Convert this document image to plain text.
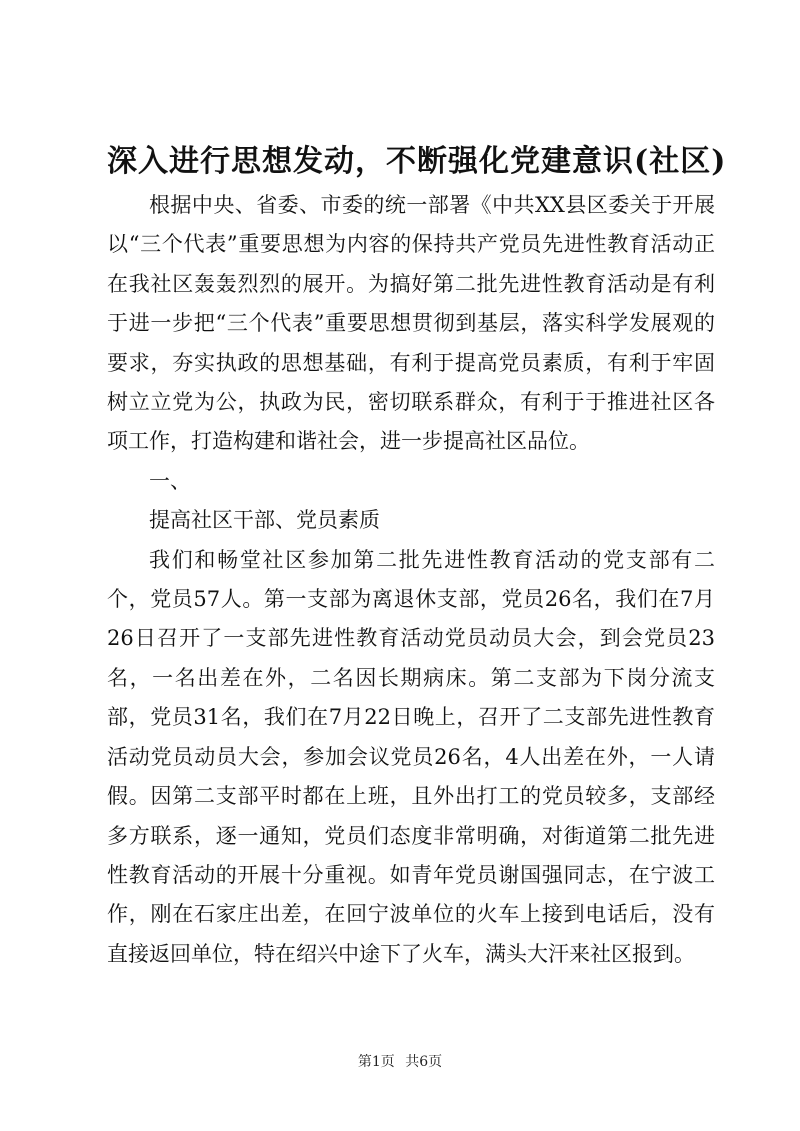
深入进行思想发动，不断强化党建意识(社区)

根据中央、省委、市委的统一部署《中共XX县区委关于开展以“三个代表”重要思想为内容的保持共产党员先进性教育活动正在我社区轰轰烈烈的展开。为搞好第二批先进性教育活动是有利于进一步把“三个代表”重要思想贯彻到基层，落实科学发展观的要求，夯实执政的思想基础，有利于提高党员素质，有利于牢固树立立党为公，执政为民，密切联系群众，有利于于推进社区各项工作，打造构建和谐社会，进一步提高社区品位。

一、

提高社区干部、党员素质

我们和畅堂社区参加第二批先进性教育活动的党支部有二个，党员57人。第一支部为离退休支部，党员26名，我们在7月26日召开了一支部先进性教育活动党员动员大会，到会党员23名，一名出差在外，二名因长期病床。第二支部为下岗分流支部，党员31名，我们在7月22日晚上，召开了二支部先进性教育活动党员动员大会，参加会议党员26名，4人出差在外，一人请假。因第二支部平时都在上班，且外出打工的党员较多，支部经多方联系，逐一通知，党员们态度非常明确，对街道第二批先进性教育活动的开展十分重视。如青年党员谢国强同志，在宁波工作，刚在石家庄出差，在回宁波单位的火车上接到电话后，没有直接返回单位，特在绍兴中途下了火车，满头大汗来社区报到。

第1页 共6页
